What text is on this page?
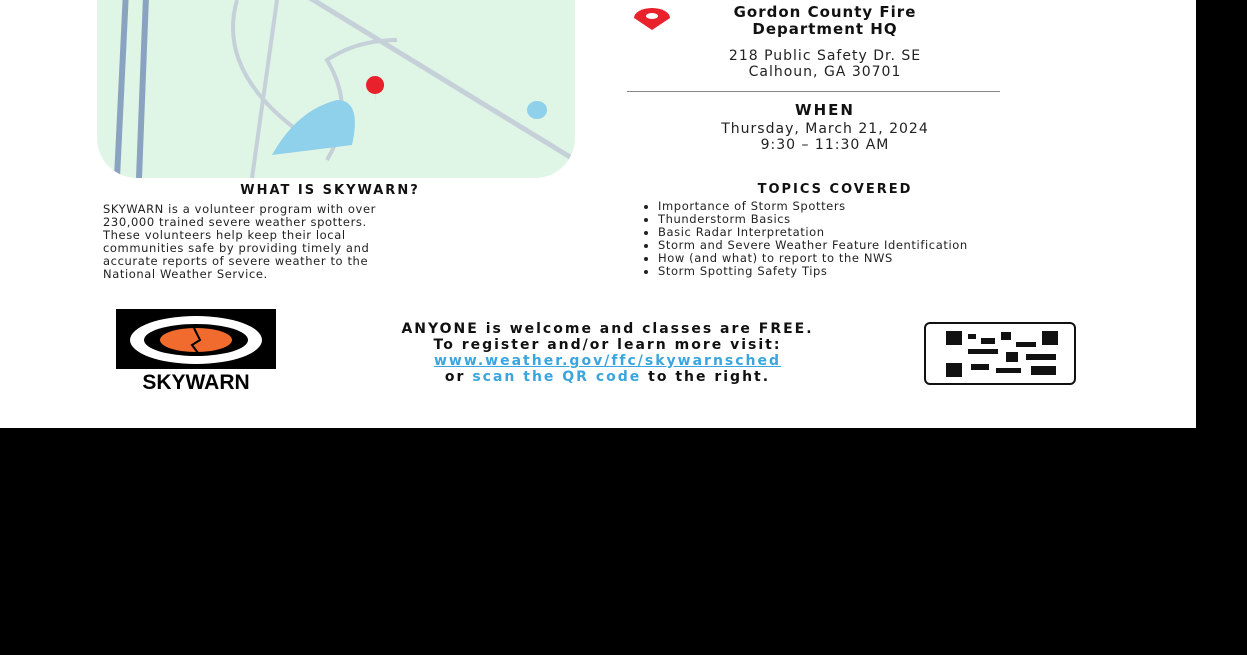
Gordon County Fire
Department HQ
218 Public Safety Dr. SE
Calhoun, GA 30701
WHEN
Thursday, March 21, 2024
9:30 – 11:30 AM
WHAT IS SKYWARN?
SKYWARN is a volunteer program with over
230,000 trained severe weather spotters.
These volunteers help keep their local
communities safe by providing timely and
accurate reports of severe weather to the
National Weather Service.
TOPICS COVERED
• Importance of Storm Spotters
• Thunderstorm Basics
• Basic Radar Interpretation
• Storm and Severe Weather Feature Identification
• How (and what) to report to the NWS
• Storm Spotting Safety Tips
SKYWARN
ANYONE is welcome and classes are FREE.
To register and/or learn more visit:
www.weather.gov/ffc/skywarnsched
or scan the QR code to the right.
